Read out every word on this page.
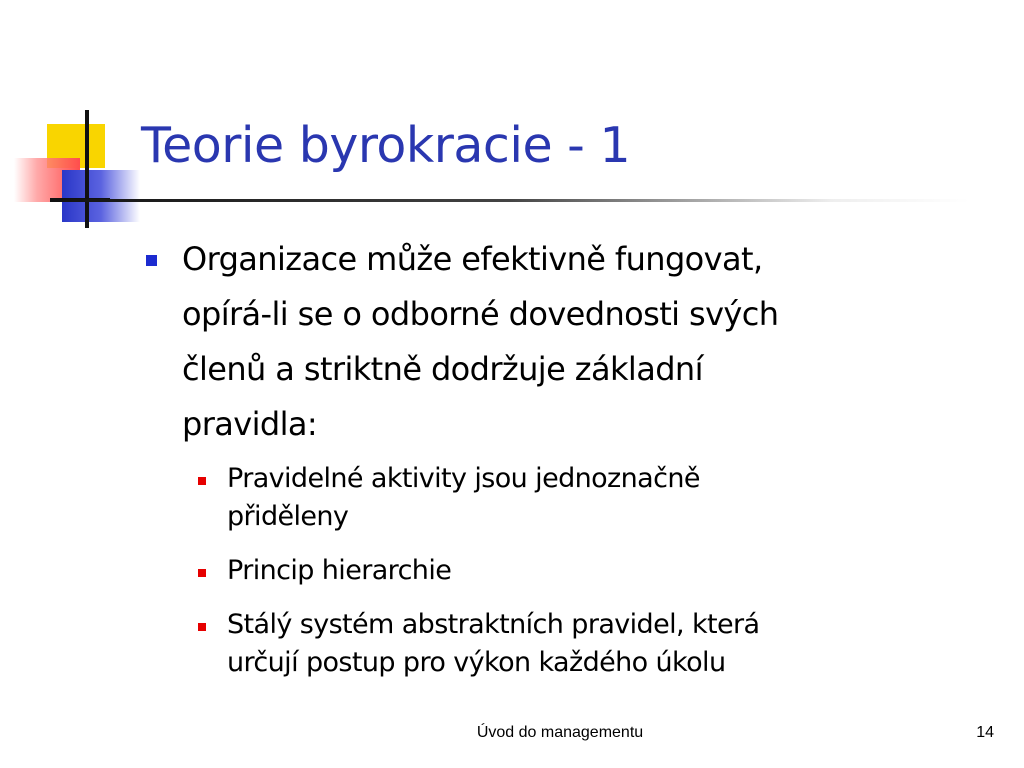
Teorie byrokracie - 1
Organizace může efektivně fungovat,
opírá-li se o odborné dovednosti svých
členů a striktně dodržuje základní
pravidla:
Pravidelné aktivity jsou jednoznačně
přiděleny
Princip hierarchie
Stálý systém abstraktních pravidel, která
určují postup pro výkon každého úkolu
Úvod do managementu	14
